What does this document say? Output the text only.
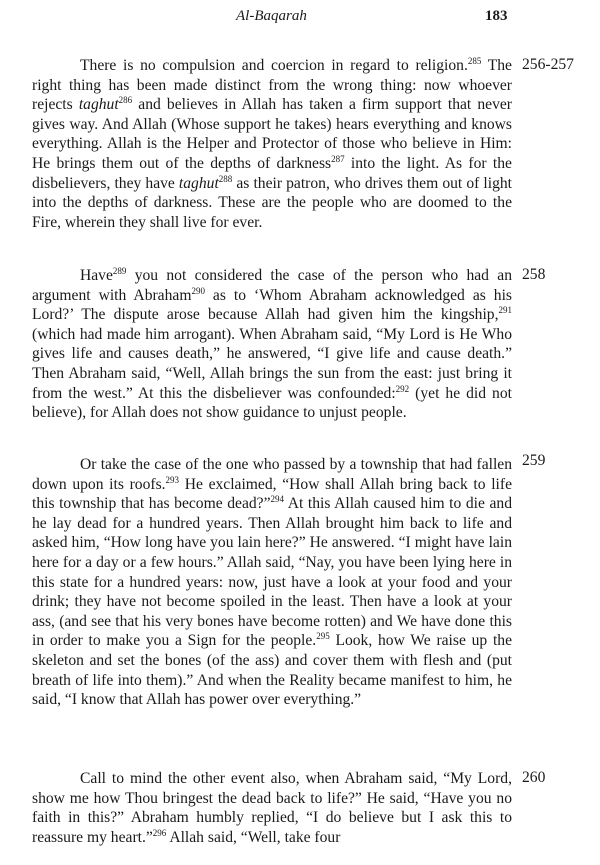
Al-Baqarah	183

There is no compulsion and coercion in regard to religion.$^{285}$ The right thing has been made distinct from the wrong thing: now whoever rejects taghut$^{286}$ and believes in Allah has taken a firm support that never gives way. And Allah (Whose support he takes) hears everything and knows everything. Allah is the Helper and Protector of those who believe in Him: He brings them out of the depths of darkness$^{287}$ into the light. As for the disbelievers, they have taghut$^{288}$ as their patron, who drives them out of light into the depths of darkness. These are the people who are doomed to the Fire, wherein they shall live for ever.

256-257

Have$^{289}$ you not considered the case of the person who had an argument with Abraham$^{290}$ as to ‘Whom Abraham acknowledged as his Lord?’ The dispute arose because Allah had given him the kingship,$^{291}$ (which had made him arrogant). When Abraham said, “My Lord is He Who gives life and causes death,” he answered, “I give life and cause death.” Then Abraham said, “Well, Allah brings the sun from the east: just bring it from the west.” At this the disbeliever was confounded:$^{292}$ (yet he did not believe), for Allah does not show guidance to unjust people.

258

Or take the case of the one who passed by a township that had fallen down upon its roofs.$^{293}$ He exclaimed, “How shall Allah bring back to life this township that has become dead?”$^{294}$ At this Allah caused him to die and he lay dead for a hundred years. Then Allah brought him back to life and asked him, “How long have you lain here?” He answered. “I might have lain here for a day or a few hours.” Allah said, “Nay, you have been lying here in this state for a hundred years: now, just have a look at your food and your drink; they have not become spoiled in the least. Then have a look at your ass, (and see that his very bones have become rotten) and We have done this in order to make you a Sign for the people.$^{295}$ Look, how We raise up the skeleton and set the bones (of the ass) and cover them with flesh and (put breath of life into them).” And when the Reality became manifest to him, he said, “I know that Allah has power over everything.”

259

Call to mind the other event also, when Abraham said, “My Lord, show me how Thou bringest the dead back to life?” He said, “Have you no faith in this?” Abraham humbly replied, “I do believe but I ask this to reassure my heart.”$^{296}$ Allah said, “Well, take four

260
